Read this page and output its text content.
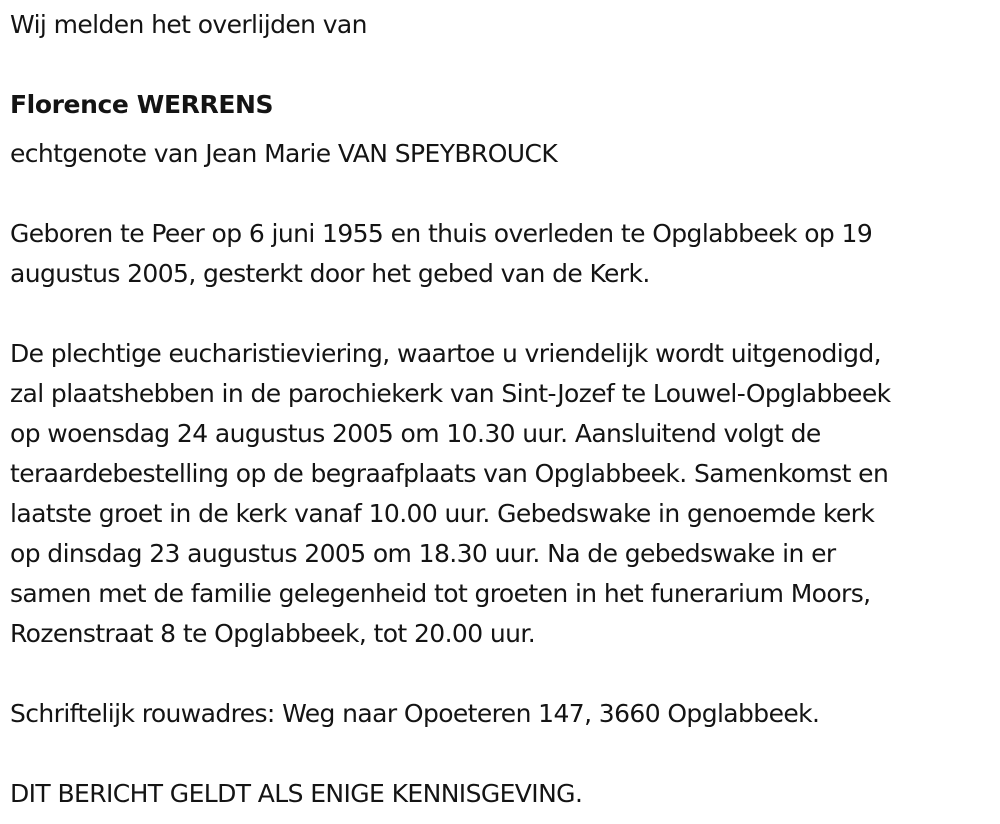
Wij melden het overlijden van
Florence WERRENS
echtgenote van Jean Marie VAN SPEYBROUCK
Geboren te Peer op 6 juni 1955 en thuis overleden te Opglabbeek op 19
augustus 2005, gesterkt door het gebed van de Kerk.
De plechtige eucharistieviering, waartoe u vriendelijk wordt uitgenodigd,
zal plaatshebben in de parochiekerk van Sint-Jozef te Louwel-Opglabbeek
op woensdag 24 augustus 2005 om 10.30 uur. Aansluitend volgt de
teraardebestelling op de begraafplaats van Opglabbeek. Samenkomst en
laatste groet in de kerk vanaf 10.00 uur. Gebedswake in genoemde kerk
op dinsdag 23 augustus 2005 om 18.30 uur. Na de gebedswake in er
samen met de familie gelegenheid tot groeten in het funerarium Moors,
Rozenstraat 8 te Opglabbeek, tot 20.00 uur.
Schriftelijk rouwadres: Weg naar Opoeteren 147, 3660 Opglabbeek.
DIT BERICHT GELDT ALS ENIGE KENNISGEVING.
